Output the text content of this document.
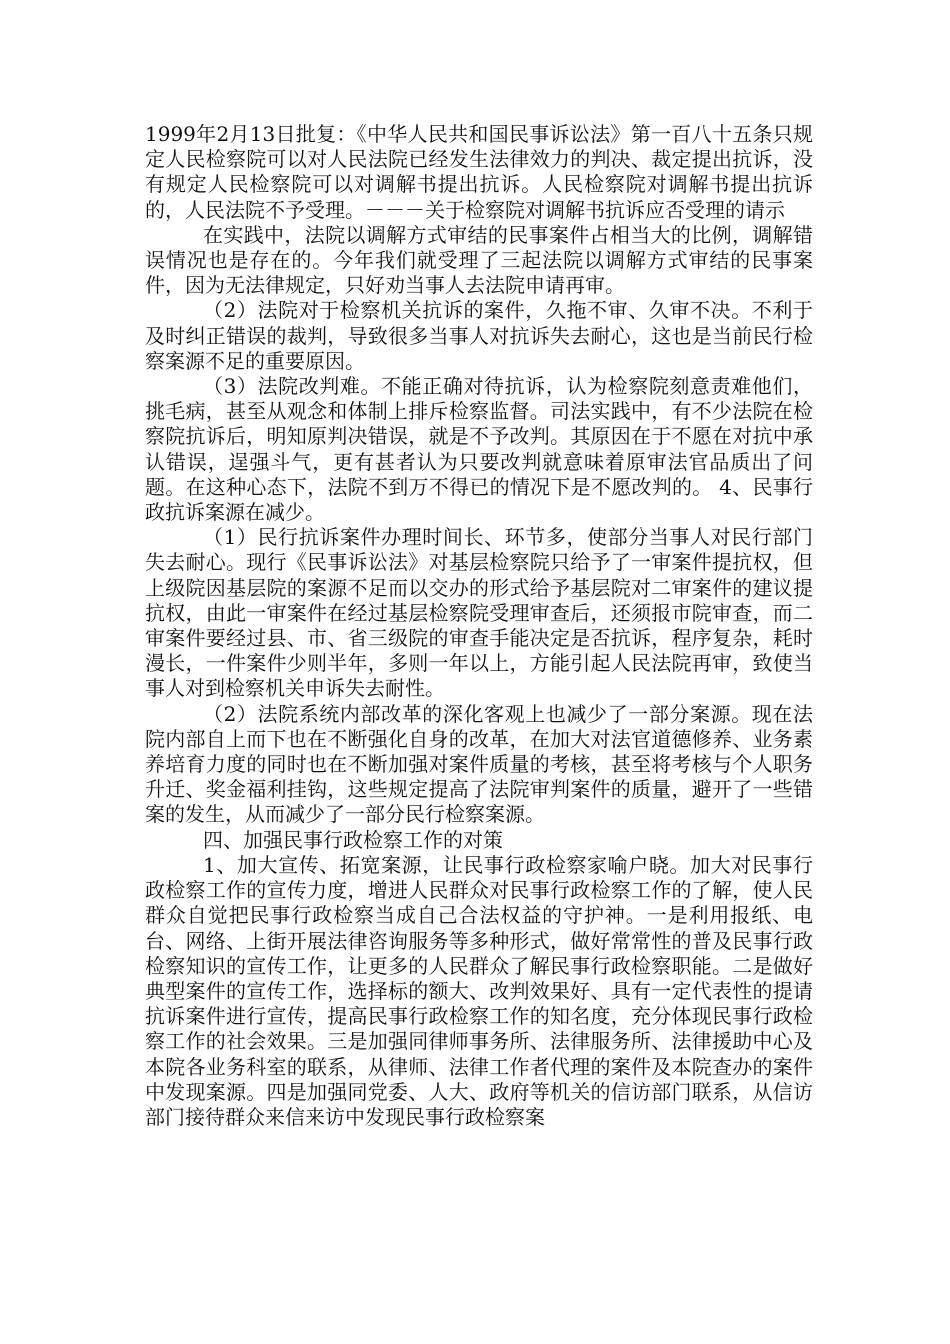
1999年2月13日批复：《中华人民共和国民事诉讼法》第一百八十五条只规定人民检察院可以对人民法院已经发生法律效力的判决、裁定提出抗诉，没有规定人民检察院可以对调解书提出抗诉。人民检察院对调解书提出抗诉的，人民法院不予受理。－－－关于检察院对调解书抗诉应否受理的请示

在实践中，法院以调解方式审结的民事案件占相当大的比例，调解错误情况也是存在的。今年我们就受理了三起法院以调解方式审结的民事案件，因为无法律规定，只好劝当事人去法院申请再审。

（2）法院对于检察机关抗诉的案件，久拖不审、久审不决。不利于及时纠正错误的裁判，导致很多当事人对抗诉失去耐心，这也是当前民行检察案源不足的重要原因。

（3）法院改判难。不能正确对待抗诉，认为检察院刻意责难他们，挑毛病，甚至从观念和体制上排斥检察监督。司法实践中，有不少法院在检察院抗诉后，明知原判决错误，就是不予改判。其原因在于不愿在对抗中承认错误，逞强斗气，更有甚者认为只要改判就意味着原审法官品质出了问题。在这种心态下，法院不到万不得已的情况下是不愿改判的。 4、民事行政抗诉案源在减少。

（1）民行抗诉案件办理时间长、环节多，使部分当事人对民行部门失去耐心。现行《民事诉讼法》对基层检察院只给予了一审案件提抗权，但上级院因基层院的案源不足而以交办的形式给予基层院对二审案件的建议提抗权，由此一审案件在经过基层检察院受理审查后，还须报市院审查，而二审案件要经过县、市、省三级院的审查手能决定是否抗诉，程序复杂，耗时漫长，一件案件少则半年，多则一年以上，方能引起人民法院再审，致使当事人对到检察机关申诉失去耐性。

（2）法院系统内部改革的深化客观上也减少了一部分案源。现在法院内部自上而下也在不断强化自身的改革，在加大对法官道德修养、业务素养培育力度的同时也在不断加强对案件质量的考核，甚至将考核与个人职务升迁、奖金福利挂钩，这些规定提高了法院审判案件的质量，避开了一些错案的发生，从而减少了一部分民行检察案源。

四、加强民事行政检察工作的对策

1、加大宣传、拓宽案源，让民事行政检察家喻户晓。加大对民事行政检察工作的宣传力度，增进人民群众对民事行政检察工作的了解，使人民群众自觉把民事行政检察当成自己合法权益的守护神。一是利用报纸、电台、网络、上街开展法律咨询服务等多种形式，做好常常性的普及民事行政检察知识的宣传工作，让更多的人民群众了解民事行政检察职能。二是做好典型案件的宣传工作，选择标的额大、改判效果好、具有一定代表性的提请抗诉案件进行宣传，提高民事行政检察工作的知名度，充分体现民事行政检察工作的社会效果。三是加强同律师事务所、法律服务所、法律援助中心及本院各业务科室的联系，从律师、法律工作者代理的案件及本院查办的案件中发现案源。四是加强同党委、人大、政府等机关的信访部门联系，从信访部门接待群众来信来访中发现民事行政检察案
